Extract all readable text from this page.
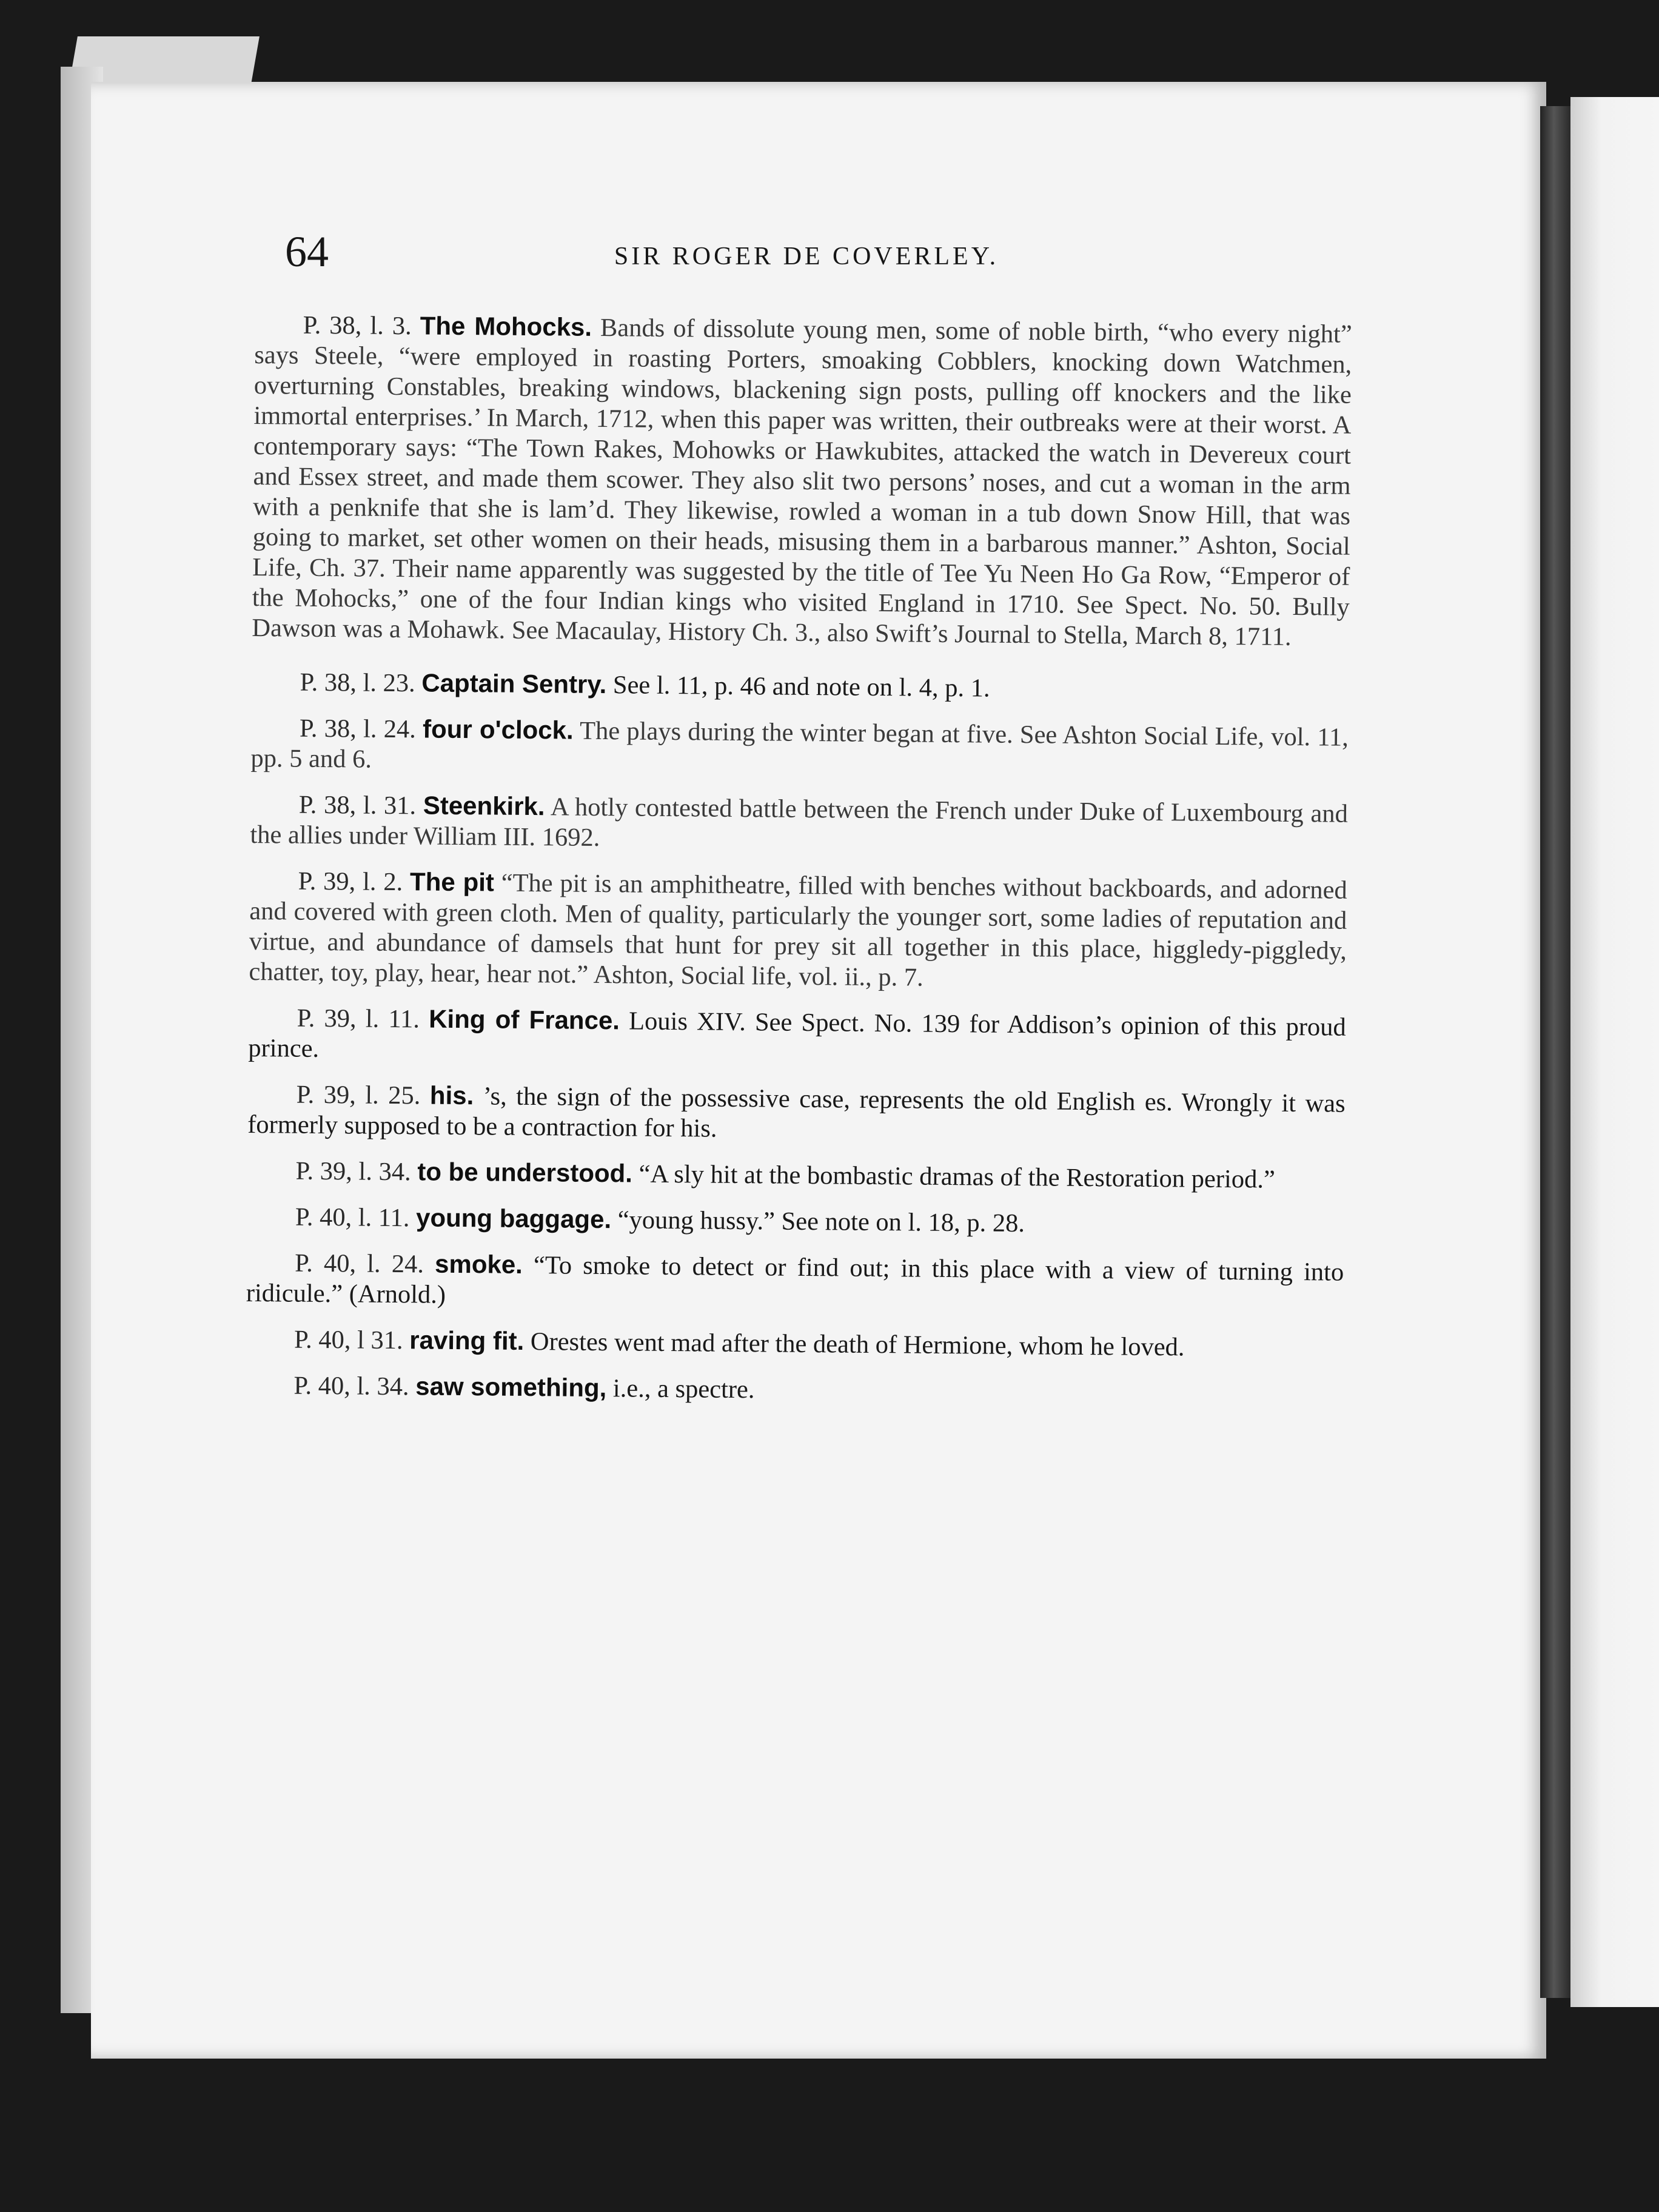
64	SIR ROGER DE COVERLEY.

P. 38, l. 3. The Mohocks. Bands of dissolute young men, some of noble birth, “who every night” says Steele, “were employed in roasting Porters, smoaking Cobblers, knocking down Watchmen, overturning Constables, breaking windows, blackening sign posts, pulling off knockers and the like immortal enterprises.’ In March, 1712, when this paper was written, their outbreaks were at their worst. A contemporary says: “The Town Rakes, Mohowks or Hawkubites, attacked the watch in Devereux court and Essex street, and made them scower. They also slit two persons’ noses, and cut a woman in the arm with a penknife that she is lam’d. They likewise, rowled a woman in a tub down Snow Hill, that was going to market, set other women on their heads, misusing them in a barbarous manner.” Ashton, Social Life, Ch. 37. Their name apparently was suggested by the title of Tee Yu Neen Ho Ga Row, “Emperor of the Mohocks,” one of the four Indian kings who visited England in 1710. See Spect. No. 50. Bully Dawson was a Mohawk. See Macaulay, History Ch. 3., also Swift’s Journal to Stella, March 8, 1711.

P. 38, l. 23. Captain Sentry. See l. 11, p. 46 and note on l. 4, p. 1.

P. 38, l. 24. four o'clock. The plays during the winter began at five. See Ashton Social Life, vol. 11, pp. 5 and 6.

P. 38, l. 31. Steenkirk. A hotly contested battle between the French under Duke of Luxembourg and the allies under William III. 1692.

P. 39, l. 2. The pit “The pit is an amphitheatre, filled with benches without backboards, and adorned and covered with green cloth. Men of quality, particularly the younger sort, some ladies of reputation and virtue, and abundance of damsels that hunt for prey sit all together in this place, higgledy-piggledy, chatter, toy, play, hear, hear not.” Ashton, Social life, vol. ii., p. 7.

P. 39, l. 11. King of France. Louis XIV. See Spect. No. 139 for Addison’s opinion of this proud prince.

P. 39, l. 25. his. ’s, the sign of the possessive case, represents the old English es. Wrongly it was formerly supposed to be a contraction for his.

P. 39, l. 34. to be understood. “A sly hit at the bombastic dramas of the Restoration period.”

P. 40, l. 11. young baggage. “young hussy.” See note on l. 18, p. 28.

P. 40, l. 24. smoke. “To smoke to detect or find out; in this place with a view of turning into ridicule.” (Arnold.)

P. 40, l 31. raving fit. Orestes went mad after the death of Hermione, whom he loved.

P. 40, l. 34. saw something, i.e., a spectre.
